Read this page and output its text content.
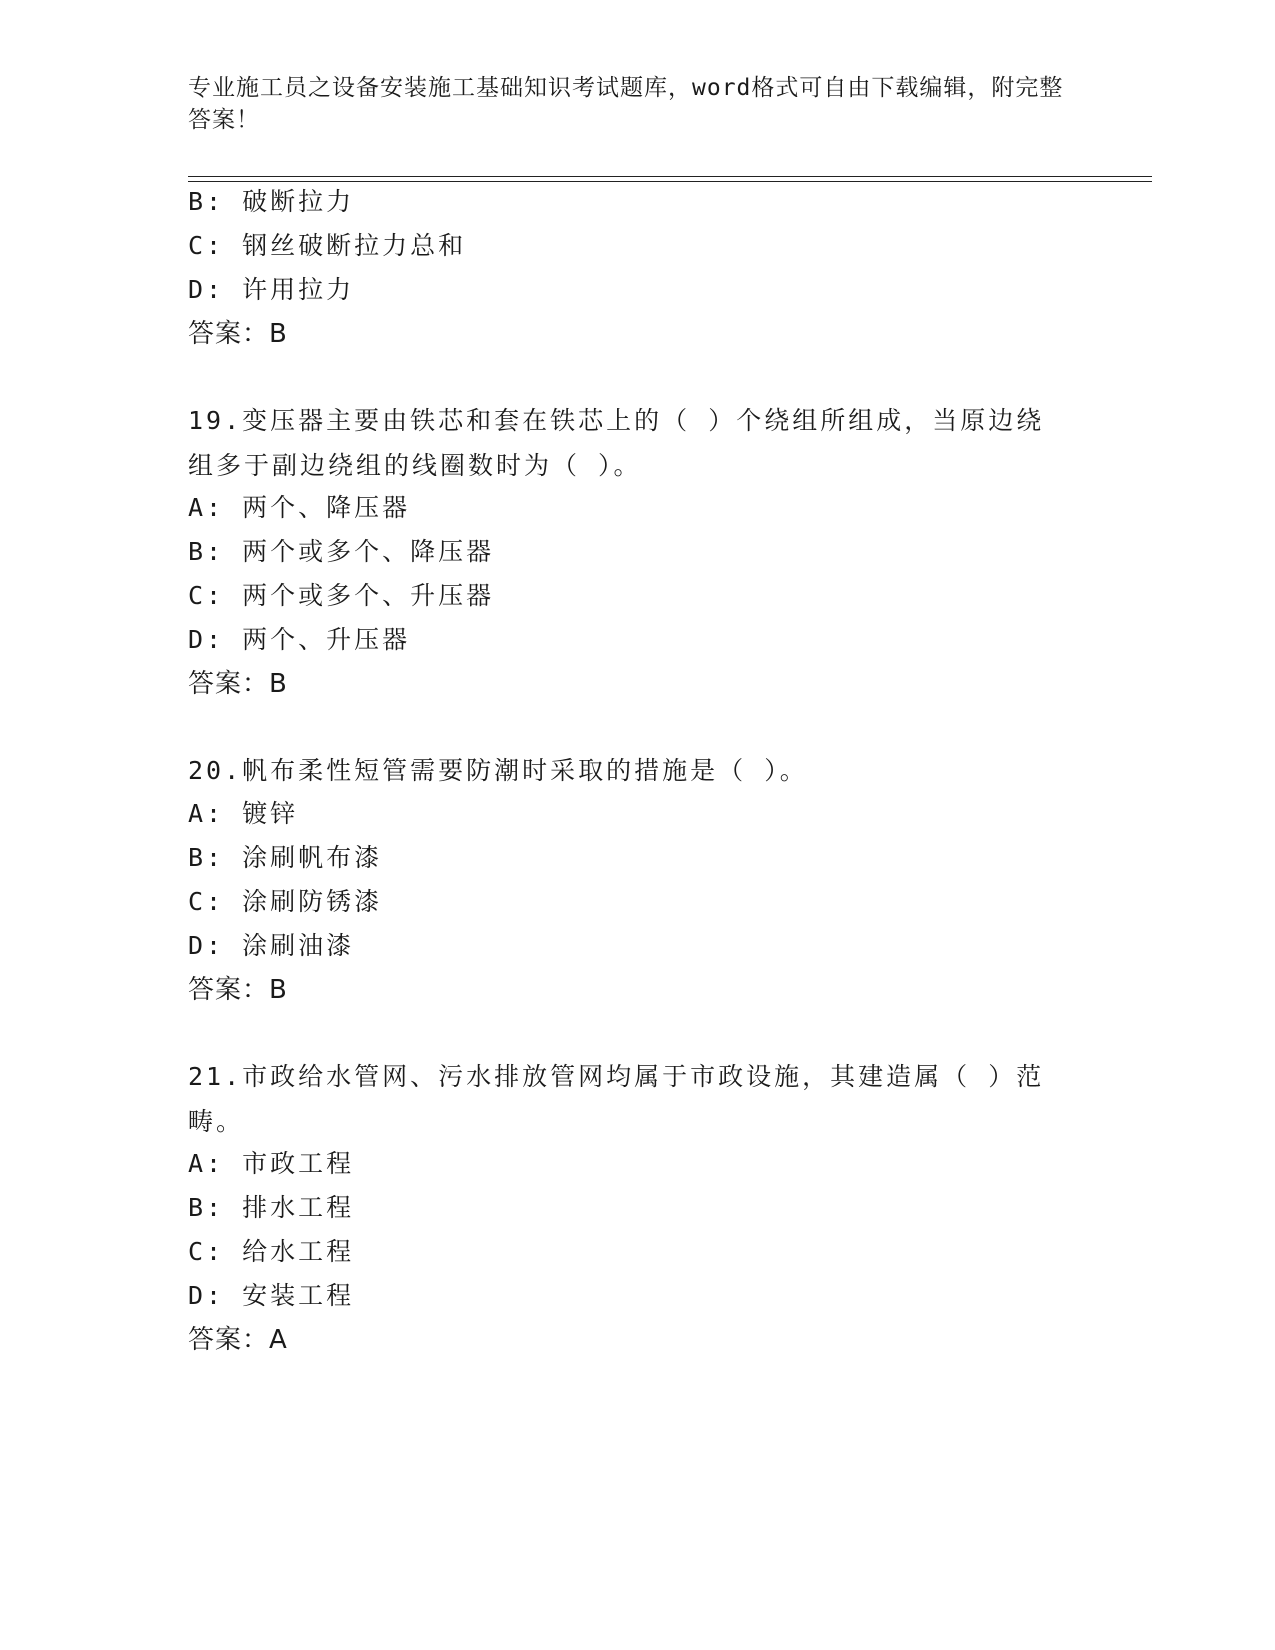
专业施工员之设备安装施工基础知识考试题库，word格式可自由下载编辑，附完整答案！
B: 破断拉力
C: 钢丝破断拉力总和
D: 许用拉力
答案：B
19.变压器主要由铁芯和套在铁芯上的（ ）个绕组所组成，当原边绕组多于副边绕组的线圈数时为（ ）。
A: 两个、降压器
B: 两个或多个、降压器
C: 两个或多个、升压器
D: 两个、升压器
答案：B
20.帆布柔性短管需要防潮时采取的措施是（ ）。
A: 镀锌
B: 涂刷帆布漆
C: 涂刷防锈漆
D: 涂刷油漆
答案：B
21.市政给水管网、污水排放管网均属于市政设施，其建造属（ ）范畴。
A: 市政工程
B: 排水工程
C: 给水工程
D: 安装工程
答案：A
